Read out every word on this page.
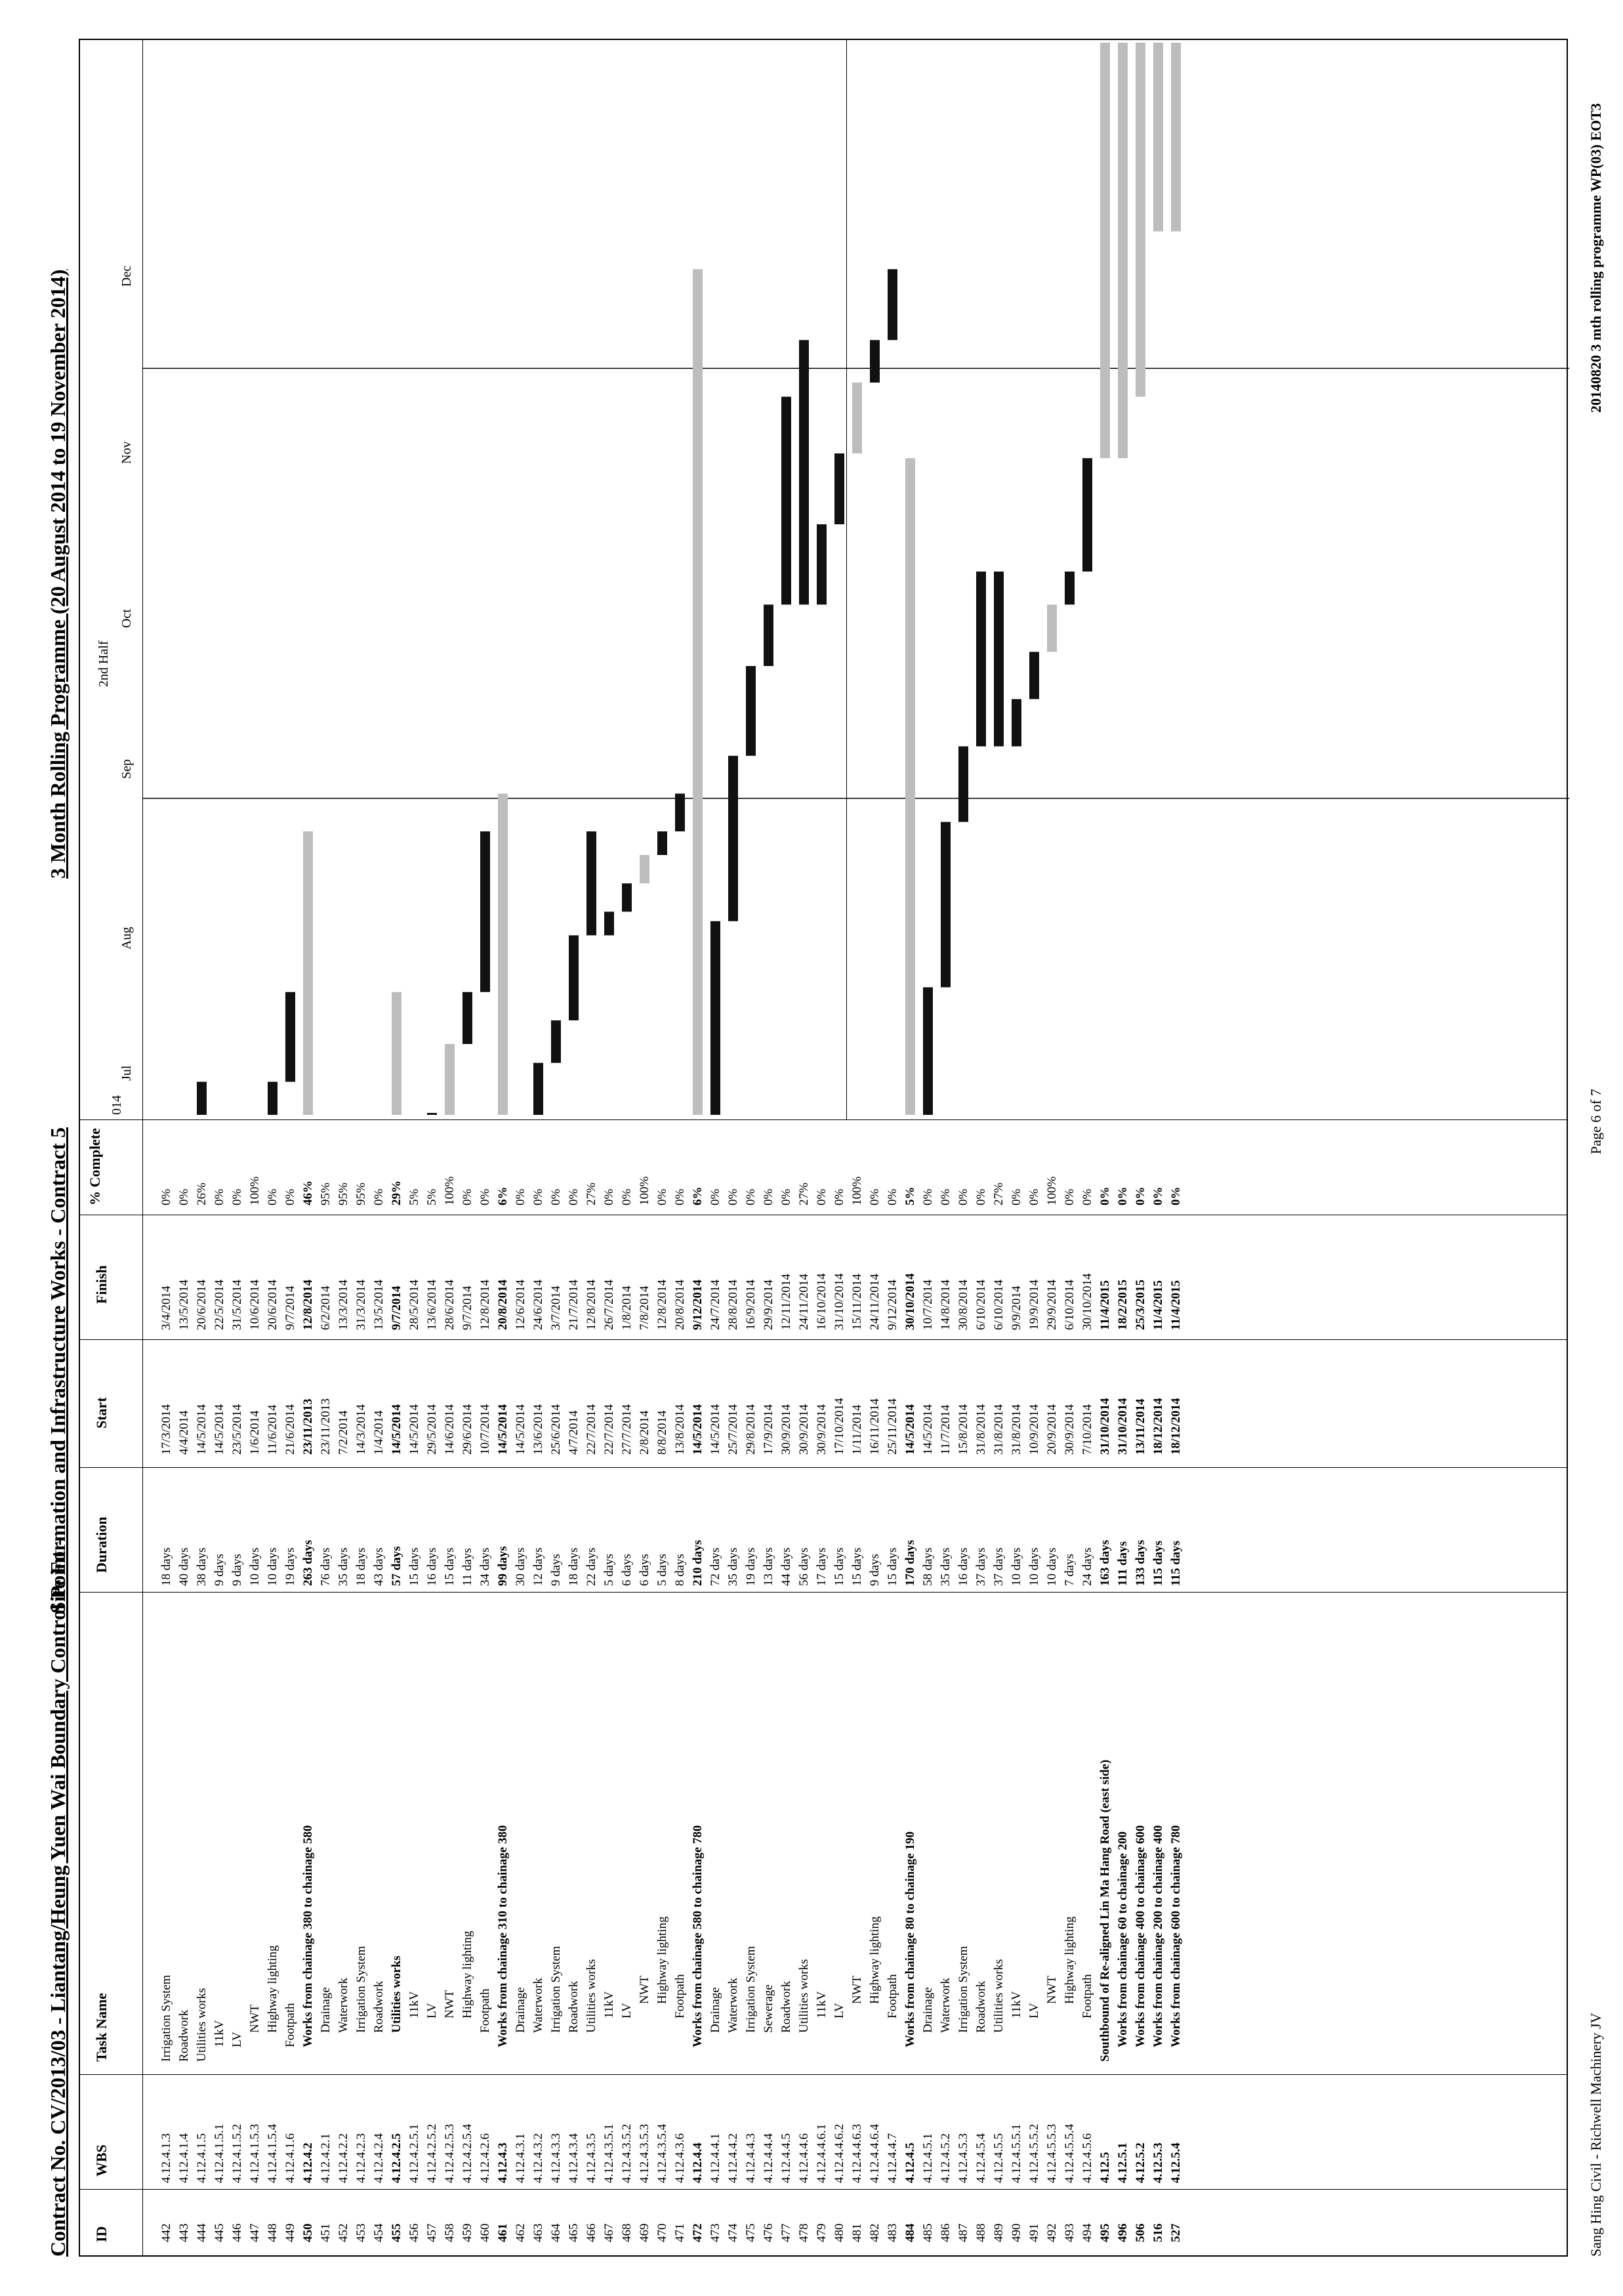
Contract No. CV/2013/03 - Liantang/Heung Yuen Wai Boundary Control Point -
Site Formation and Infrastructure Works - Contract 5
3 Month Rolling Programme (20 August 2014 to 19 November 2014)
ID
WBS
Task Name
Duration
Start
Finish
% Complete
442
4.12.4.1.3
Irrigation System
18 days
17/3/2014
3/4/2014
0%
443
4.12.4.1.4
Roadwork
40 days
4/4/2014
13/5/2014
0%
444
4.12.4.1.5
Utilities works
38 days
14/5/2014
20/6/2014
26%
445
4.12.4.1.5.1
11kV
9 days
14/5/2014
22/5/2014
0%
446
4.12.4.1.5.2
LV
9 days
23/5/2014
31/5/2014
0%
447
4.12.4.1.5.3
NWT
10 days
1/6/2014
10/6/2014
100%
448
4.12.4.1.5.4
Highway lighting
10 days
11/6/2014
20/6/2014
0%
449
4.12.4.1.6
Footpath
19 days
21/6/2014
9/7/2014
0%
450
4.12.4.2
Works from chainage 380 to chainage 580
263 days
23/11/2013
12/8/2014
46%
451
4.12.4.2.1
Drainage
76 days
23/11/2013
6/2/2014
95%
452
4.12.4.2.2
Waterwork
35 days
7/2/2014
13/3/2014
95%
453
4.12.4.2.3
Irrigation System
18 days
14/3/2014
31/3/2014
95%
454
4.12.4.2.4
Roadwork
43 days
1/4/2014
13/5/2014
0%
455
4.12.4.2.5
Utilities works
57 days
14/5/2014
9/7/2014
29%
456
4.12.4.2.5.1
11kV
15 days
14/5/2014
28/5/2014
5%
457
4.12.4.2.5.2
LV
16 days
29/5/2014
13/6/2014
5%
458
4.12.4.2.5.3
NWT
15 days
14/6/2014
28/6/2014
100%
459
4.12.4.2.5.4
Highway lighting
11 days
29/6/2014
9/7/2014
0%
460
4.12.4.2.6
Footpath
34 days
10/7/2014
12/8/2014
0%
461
4.12.4.3
Works from chainage 310 to chainage 380
99 days
14/5/2014
20/8/2014
6%
462
4.12.4.3.1
Drainage
30 days
14/5/2014
12/6/2014
0%
463
4.12.4.3.2
Waterwork
12 days
13/6/2014
24/6/2014
0%
464
4.12.4.3.3
Irrigation System
9 days
25/6/2014
3/7/2014
0%
465
4.12.4.3.4
Roadwork
18 days
4/7/2014
21/7/2014
0%
466
4.12.4.3.5
Utilities works
22 days
22/7/2014
12/8/2014
27%
467
4.12.4.3.5.1
11kV
5 days
22/7/2014
26/7/2014
0%
468
4.12.4.3.5.2
LV
6 days
27/7/2014
1/8/2014
0%
469
4.12.4.3.5.3
NWT
6 days
2/8/2014
7/8/2014
100%
470
4.12.4.3.5.4
Highway lighting
5 days
8/8/2014
12/8/2014
0%
471
4.12.4.3.6
Footpath
8 days
13/8/2014
20/8/2014
0%
472
4.12.4.4
Works from chainage 580 to chainage 780
210 days
14/5/2014
9/12/2014
6%
473
4.12.4.4.1
Drainage
72 days
14/5/2014
24/7/2014
0%
474
4.12.4.4.2
Waterwork
35 days
25/7/2014
28/8/2014
0%
475
4.12.4.4.3
Irrigation System
19 days
29/8/2014
16/9/2014
0%
476
4.12.4.4.4
Sewerage
13 days
17/9/2014
29/9/2014
0%
477
4.12.4.4.5
Roadwork
44 days
30/9/2014
12/11/2014
0%
478
4.12.4.4.6
Utilities works
56 days
30/9/2014
24/11/2014
27%
479
4.12.4.4.6.1
11kV
17 days
30/9/2014
16/10/2014
0%
480
4.12.4.4.6.2
LV
15 days
17/10/2014
31/10/2014
0%
481
4.12.4.4.6.3
NWT
15 days
1/11/2014
15/11/2014
100%
482
4.12.4.4.6.4
Highway lighting
9 days
16/11/2014
24/11/2014
0%
483
4.12.4.4.7
Footpath
15 days
25/11/2014
9/12/2014
0%
484
4.12.4.5
Works from chainage 80 to chainage 190
170 days
14/5/2014
30/10/2014
5%
485
4.12.4.5.1
Drainage
58 days
14/5/2014
10/7/2014
0%
486
4.12.4.5.2
Waterwork
35 days
11/7/2014
14/8/2014
0%
487
4.12.4.5.3
Irrigation System
16 days
15/8/2014
30/8/2014
0%
488
4.12.4.5.4
Roadwork
37 days
31/8/2014
6/10/2014
0%
489
4.12.4.5.5
Utilities works
37 days
31/8/2014
6/10/2014
27%
490
4.12.4.5.5.1
11kV
10 days
31/8/2014
9/9/2014
0%
491
4.12.4.5.5.2
LV
10 days
10/9/2014
19/9/2014
0%
492
4.12.4.5.5.3
NWT
10 days
20/9/2014
29/9/2014
100%
493
4.12.4.5.5.4
Highway lighting
7 days
30/9/2014
6/10/2014
0%
494
4.12.4.5.6
Footpath
24 days
7/10/2014
30/10/2014
0%
495
4.12.5
Southbound of Re-aligned Lin Ma Hang Road (east side)
163 days
31/10/2014
11/4/2015
0%
496
4.12.5.1
Works from chainage 60 to chainage 200
111 days
31/10/2014
18/2/2015
0%
506
4.12.5.2
Works from chainage 400 to chainage 600
133 days
13/11/2014
25/3/2015
0%
516
4.12.5.3
Works from chainage 200 to chainage 400
115 days
18/12/2014
11/4/2015
0%
527
4.12.5.4
Works from chainage 600 to chainage 780
115 days
18/12/2014
11/4/2015
0%
014
2nd Half
Jul
Aug
Sep
Oct
Nov
Dec
Sang Hing Civil - Richwell Machinery JV
Page 6 of 7
20140820 3 mth rolling programme WP(03) EOT3
